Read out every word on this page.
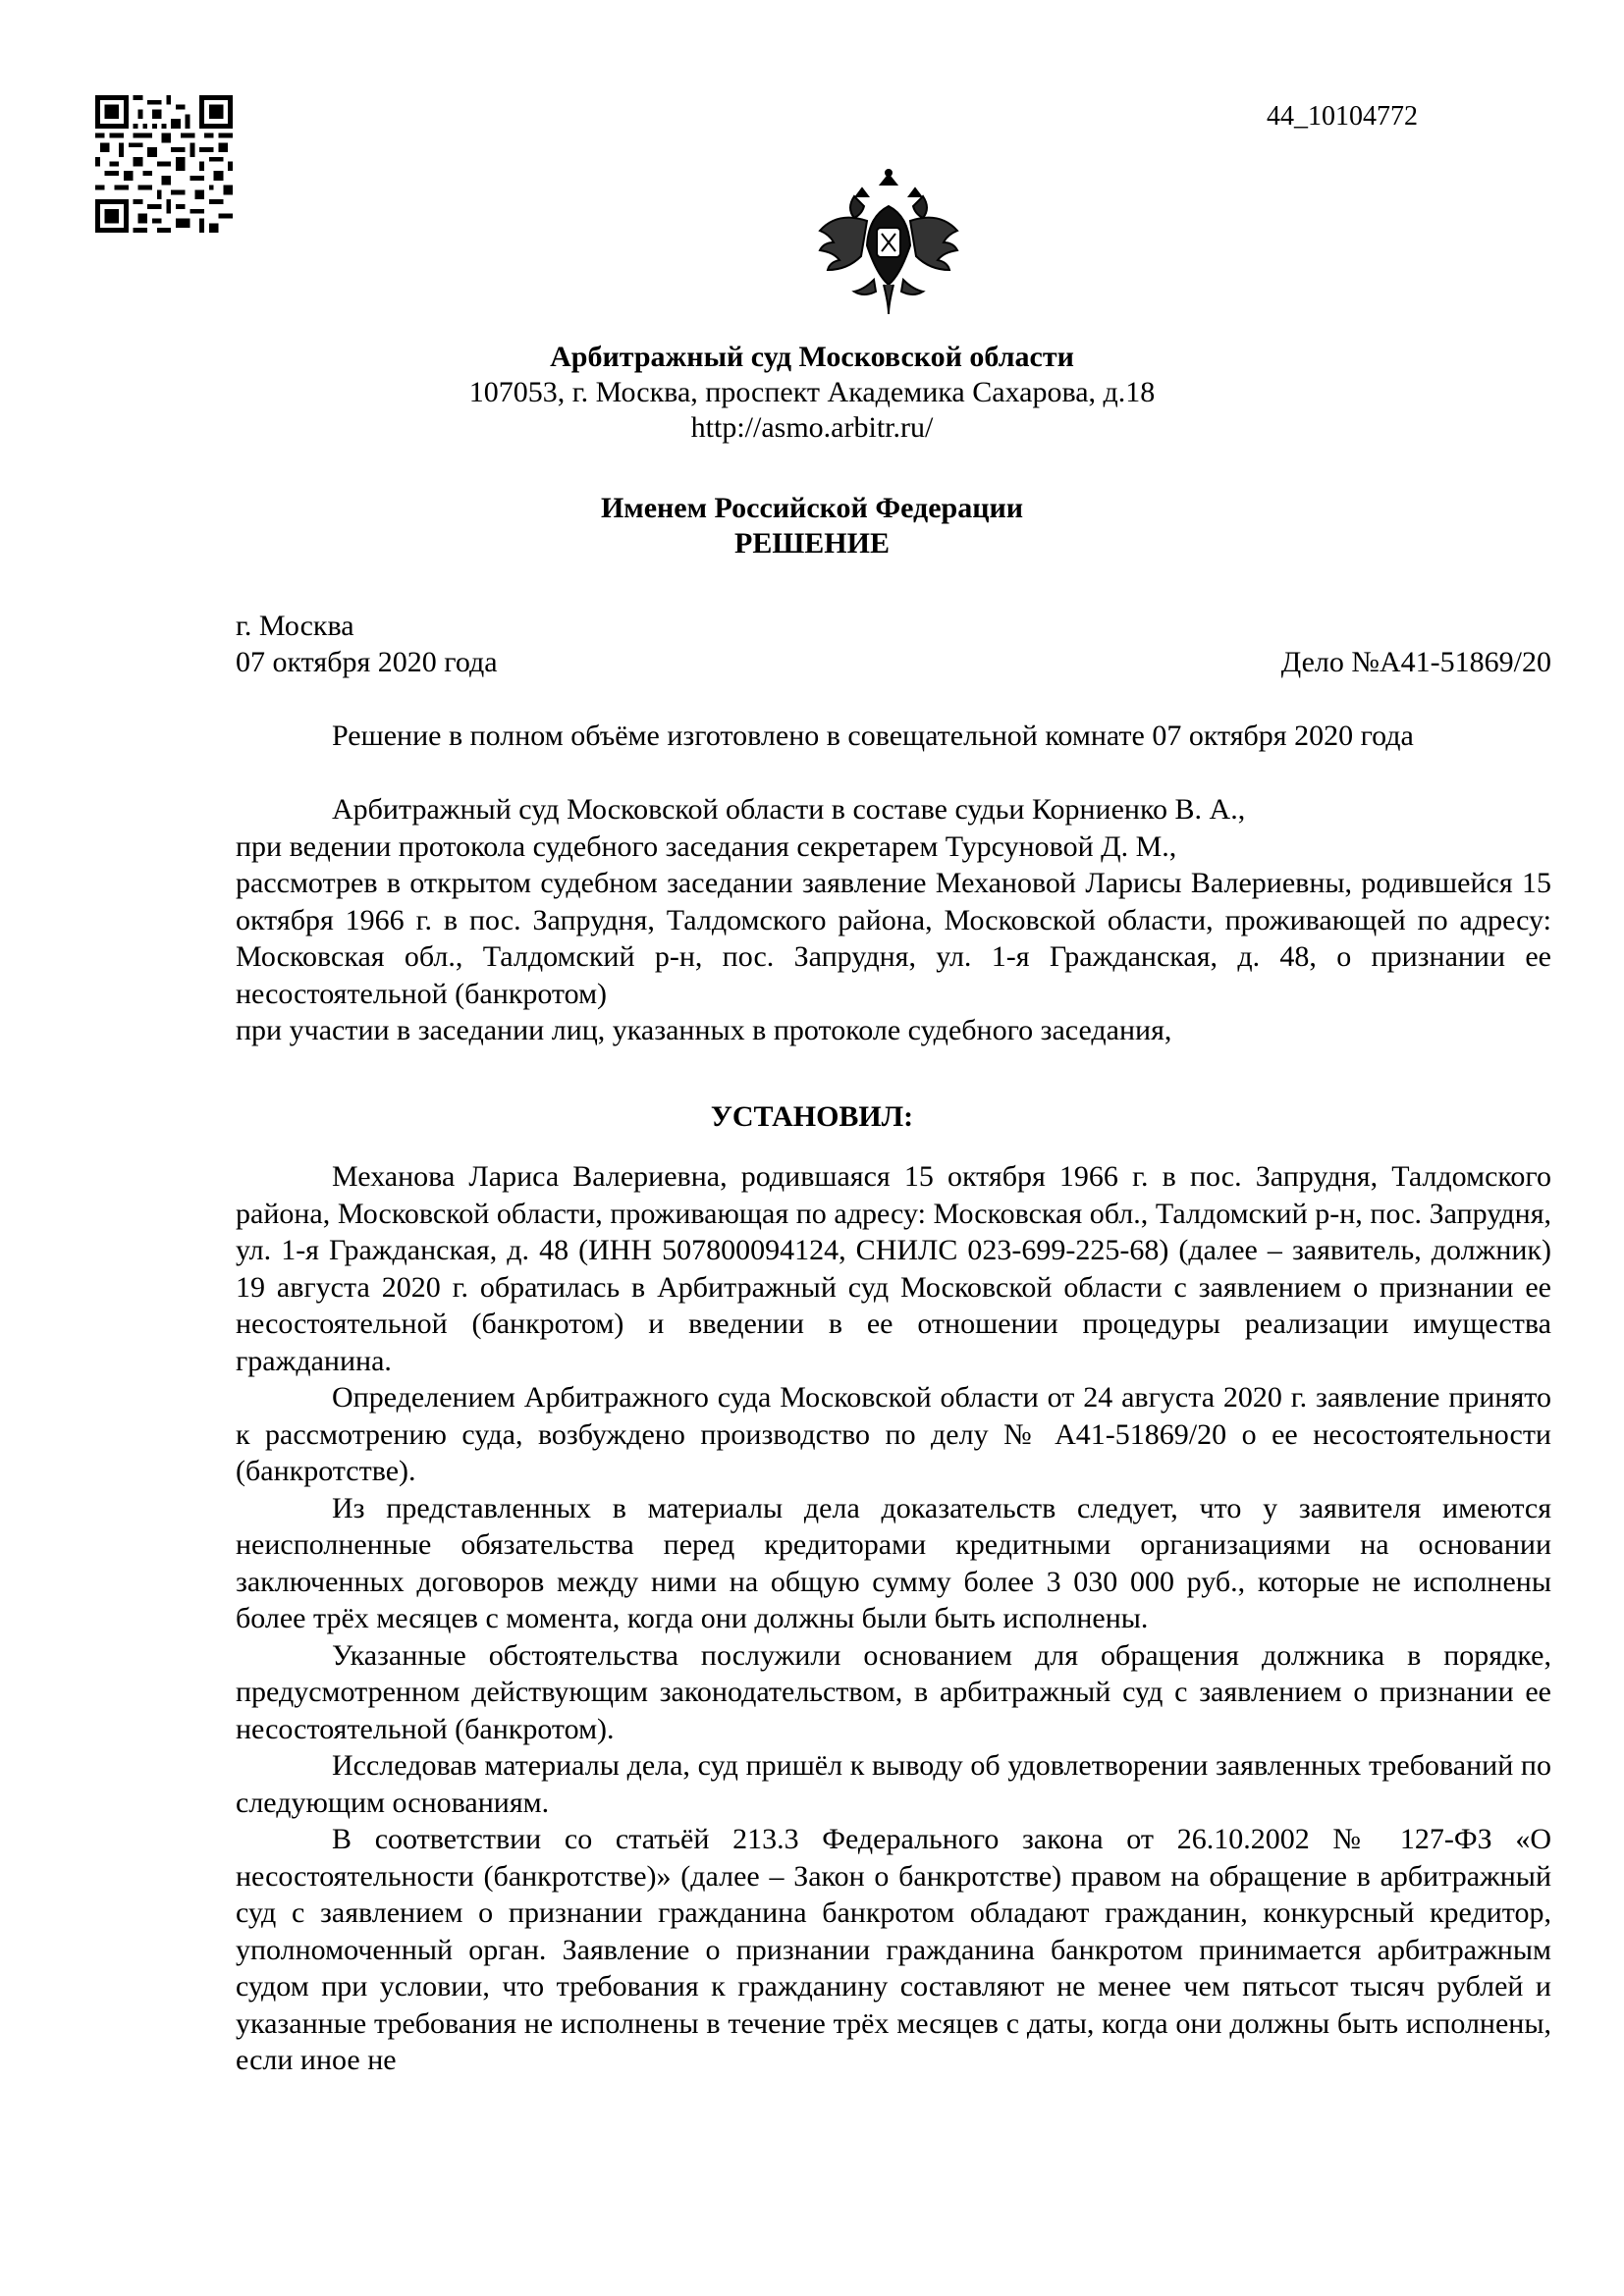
44_10104772
Арбитражный суд Московской области
107053, г. Москва, проспект Академика Сахарова, д.18
http://asmo.arbitr.ru/
Именем Российской Федерации
РЕШЕНИЕ
г. Москва
07 октября 2020 года	Дело №А41-51869/20

Решение в полном объёме изготовлено в совещательной комнате 07 октября 2020 года

Арбитражный суд Московской области в составе судьи Корниенко В. А.,

при ведении протокола судебного заседания секретарем Турсуновой Д. М.,

рассмотрев в открытом судебном заседании заявление Механовой Ларисы Валериевны, родившейся 15 октября 1966 г. в пос. Запрудня, Талдомского района, Московской области, проживающей по адресу: Московская обл., Талдомский р-н, пос. Запрудня, ул. 1-я Гражданская, д. 48, о признании ее несостоятельной (банкротом)

при участии в заседании лиц, указанных в протоколе судебного заседания,

УСТАНОВИЛ:

Механова Лариса Валериевна, родившаяся 15 октября 1966 г. в пос. Запрудня, Талдомского района, Московской области, проживающая по адресу: Московская обл., Талдомский р-н, пос. Запрудня, ул. 1-я Гражданская, д. 48 (ИНН 507800094124, СНИЛС 023-699-225-68) (далее – заявитель, должник) 19 августа 2020 г. обратилась в Арбитражный суд Московской области с заявлением о признании ее несостоятельной (банкротом) и введении в ее отношении процедуры реализации имущества гражданина.

Определением Арбитражного суда Московской области от 24 августа 2020 г. заявление принято к рассмотрению суда, возбуждено производство по делу № А41-51869/20 о ее несостоятельности (банкротстве).

Из представленных в материалы дела доказательств следует, что у заявителя имеются неисполненные обязательства перед кредиторами кредитными организациями на основании заключенных договоров между ними на общую сумму более 3 030 000 руб., которые не исполнены более трёх месяцев с момента, когда они должны были быть исполнены.

Указанные обстоятельства послужили основанием для обращения должника в порядке, предусмотренном действующим законодательством, в арбитражный суд с заявлением о признании ее несостоятельной (банкротом).

Исследовав материалы дела, суд пришёл к выводу об удовлетворении заявленных требований по следующим основаниям.

В соответствии со статьёй 213.3 Федерального закона от 26.10.2002 № 127-ФЗ «О несостоятельности (банкротстве)» (далее – Закон о банкротстве) правом на обращение в арбитражный суд с заявлением о признании гражданина банкротом обладают гражданин, конкурсный кредитор, уполномоченный орган. Заявление о признании гражданина банкротом принимается арбитражным судом при условии, что требования к гражданину составляют не менее чем пятьсот тысяч рублей и указанные требования не исполнены в течение трёх месяцев с даты, когда они должны быть исполнены, если иное не
